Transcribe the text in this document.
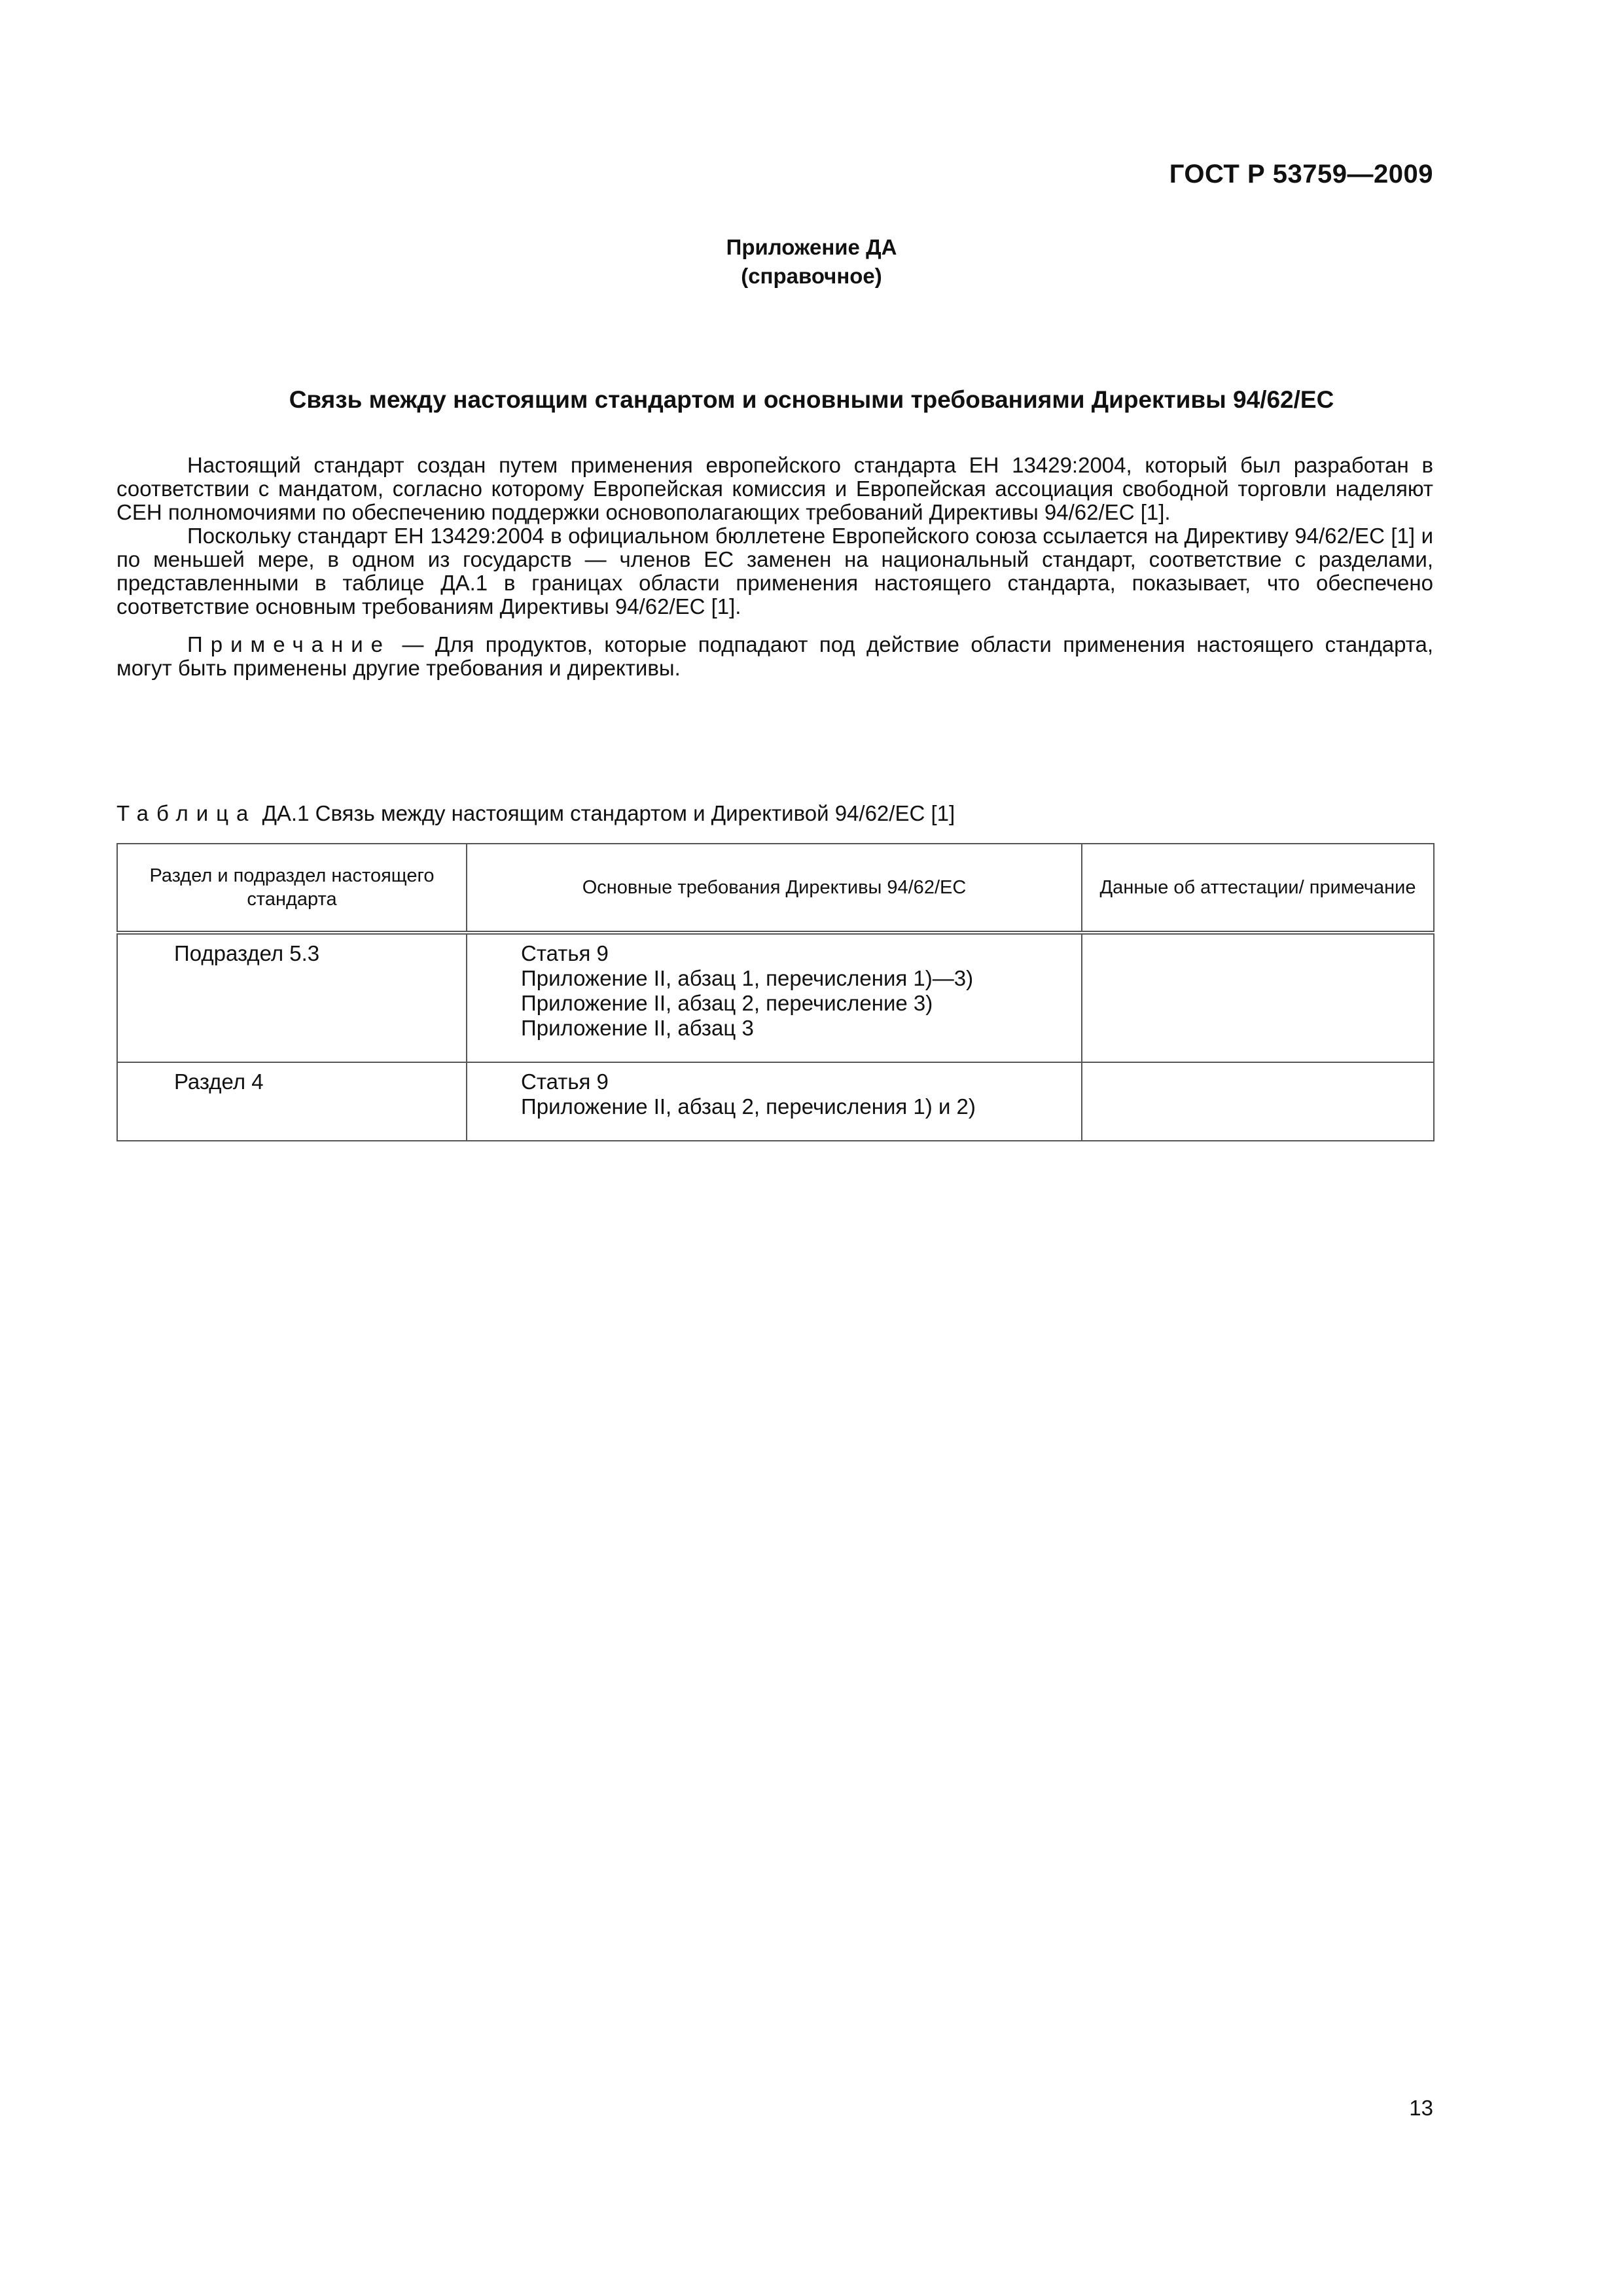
ГОСТ Р 53759—2009
Приложение ДА
(справочное)
Связь между настоящим стандартом и основными требованиями Директивы 94/62/ЕС

Настоящий стандарт создан путем применения европейского стандарта ЕН 13429:2004, который был разработан в соответствии с мандатом, согласно которому Европейская комиссия и Европейская ассоциация свободной торговли наделяют СЕН полномочиями по обеспечению поддержки основополагающих требований Директивы 94/62/ЕС [1].

Поскольку стандарт ЕН 13429:2004 в официальном бюллетене Европейского союза ссылается на Директиву 94/62/ЕС [1] и по меньшей мере, в одном из государств — членов ЕС заменен на национальный стандарт, соответствие с разделами, представленными в таблице ДА.1 в границах области применения настоящего стандарта, показывает, что обеспечено соответствие основным требованиям Директивы 94/62/ЕС [1].

Примечание — Для продуктов, которые подпадают под действие области применения настоящего стандарта, могут быть применены другие требования и директивы.

Таблица ДА.1 Связь между настоящим стандартом и Директивой 94/62/ЕС [1]
Раздел и подраздел настоящего стандарта	Основные требования Директивы 94/62/ЕС	Данные об аттестации/ примечание
Подраздел 5.3	Статья 9
Приложение II, абзац 1, перечисления 1)—3)
Приложение II, абзац 2, перечисление 3)
Приложение II, абзац 3	

Раздел 4	Статья 9
Приложение II, абзац 2, перечисления 1) и 2)	

13
